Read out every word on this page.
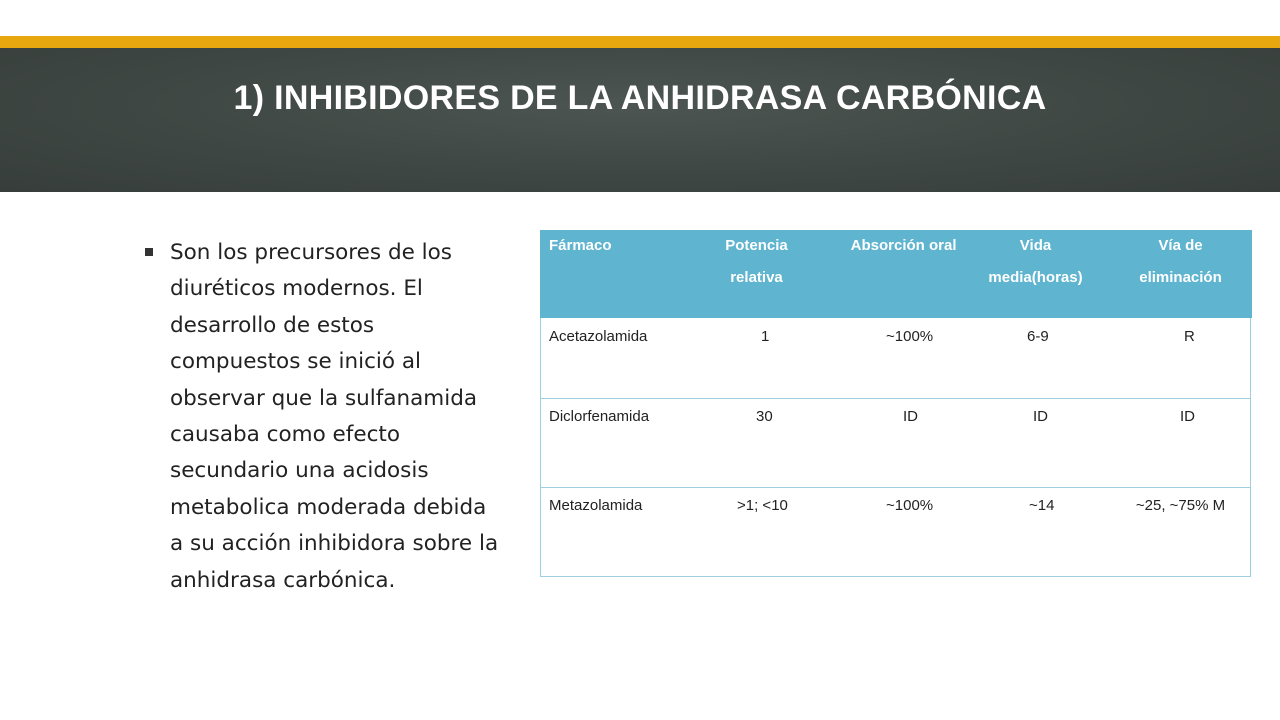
1) INHIBIDORES DE LA ANHIDRASA CARBÓNICA
Son los precursores de los diuréticos modernos. El desarrollo de estos compuestos se inició al observar que la sulfanamida causaba como efecto secundario una acidosis metabolica moderada debida a su acción inhibidora sobre la anhidrasa carbónica.
Fármaco	Potencia relativa	Absorción oral	Vida media(horas)	Vía de eliminación
Acetazolamida	1	~100%	6-9	R
Diclorfenamida	30	ID	ID	ID
Metazolamida	>1; <10	~100%	~14	~25, ~75% M
